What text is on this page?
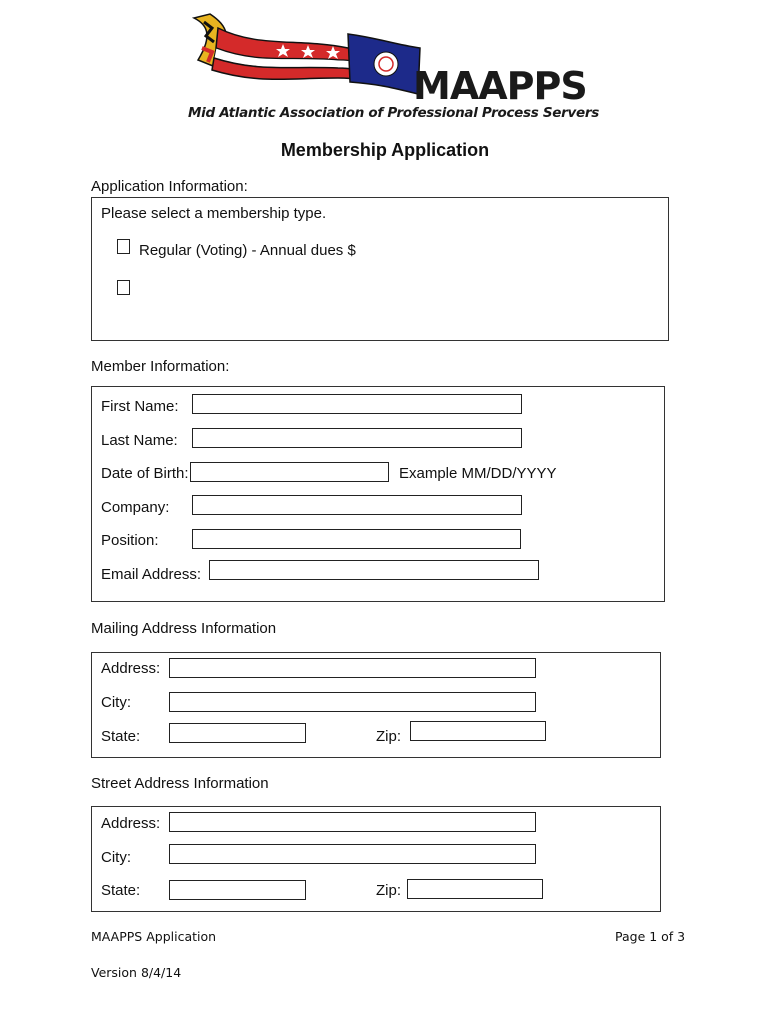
MAAPPS
Mid Atlantic Association of Professional Process Servers
Membership Application
Application Information:
Please select a membership type.
Regular (Voting) - Annual dues $
Member Information:
First Name:
Last Name:
Date of Birth:	Example MM/DD/YYYY
Company:
Position:
Email Address:
Mailing Address Information
Address:
City:
State:	Zip:
Street Address Information
Address:
City:
State:	Zip:
MAAPPS Application	Page 1 of 3
Version 8/4/14
